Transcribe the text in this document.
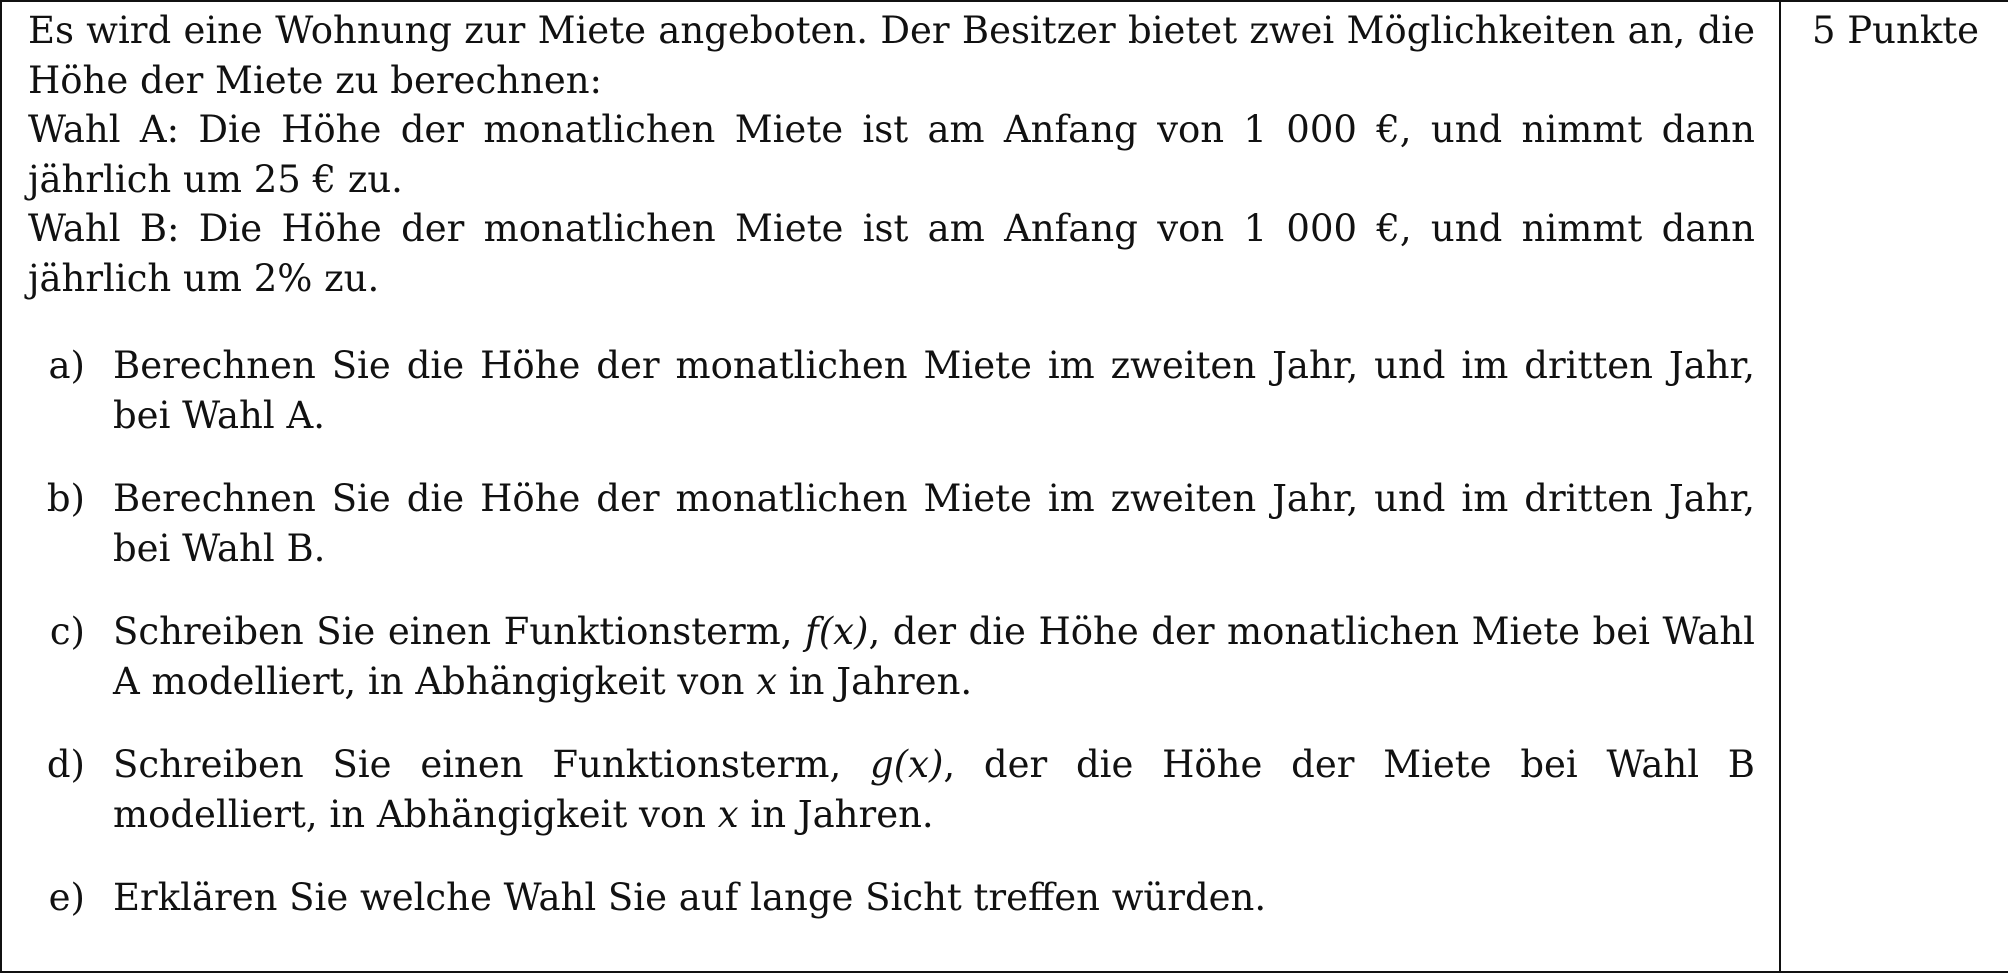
Es wird eine Wohnung zur Miete angeboten. Der Besitzer bietet zwei Möglichkeiten an, die Höhe der Miete zu berechnen:

Wahl A: Die Höhe der monatlichen Miete ist am Anfang von 1 000 €, und nimmt dann jährlich um 25 € zu.

Wahl B: Die Höhe der monatlichen Miete ist am Anfang von 1 000 €, und nimmt dann jährlich um 2% zu.

a) Berechnen Sie die Höhe der monatlichen Miete im zweiten Jahr, und im dritten Jahr, bei Wahl A.
b) Berechnen Sie die Höhe der monatlichen Miete im zweiten Jahr, und im dritten Jahr, bei Wahl B.
c) Schreiben Sie einen Funktionsterm, f(x), der die Höhe der monatlichen Miete bei Wahl A modelliert, in Abhängigkeit von x in Jahren.
d) Schreiben Sie einen Funktionsterm, g(x), der die Höhe der Miete bei Wahl B modelliert, in Abhängigkeit von x in Jahren.
e) Erklären Sie welche Wahl Sie auf lange Sicht treffen würden.

5 Punkte
